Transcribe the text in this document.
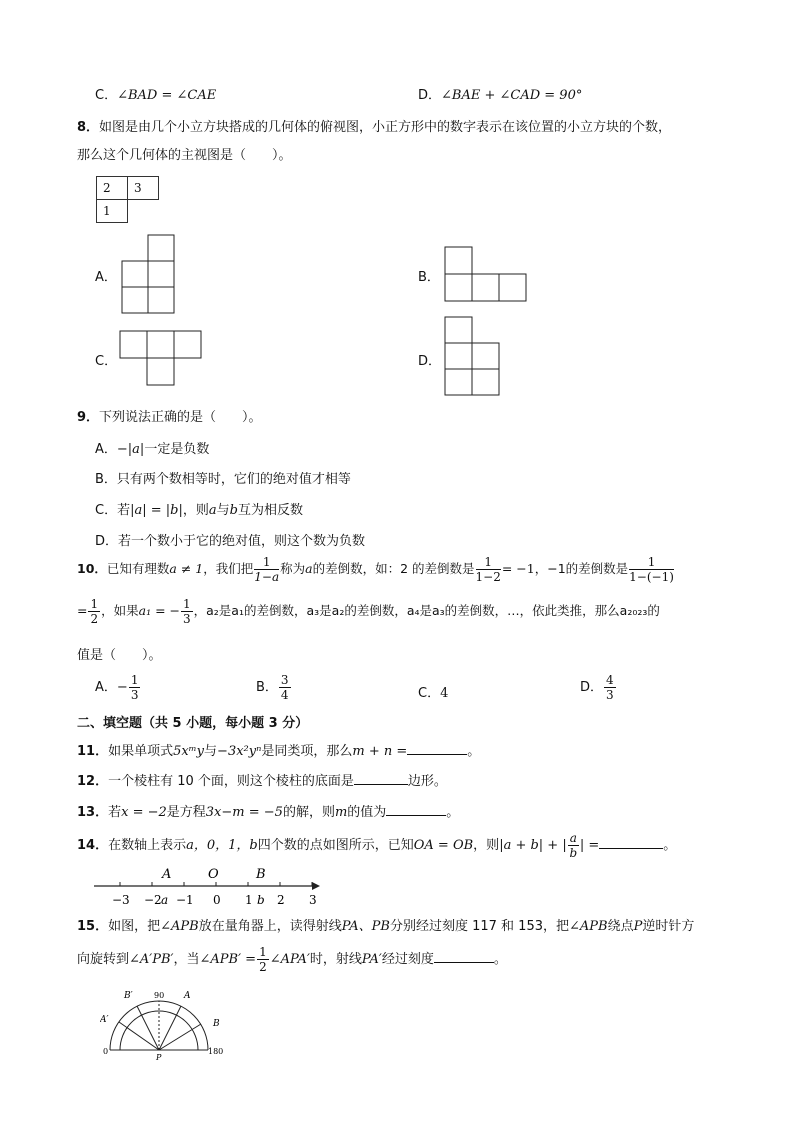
C．∠BAD = ∠CAE	D．∠BAE + ∠CAD = 90°
8．如图是由几个小立方块搭成的几何体的俯视图，小正方形中的数字表示在该位置的小立方块的个数，
那么这个几何体的主视图是（　　）。
2	3
1	
A．	B．
C．	D．
9．下列说法正确的是（　　）。
A．−|a|一定是负数
B．只有两个数相等时，它们的绝对值才相等
C．若|a| = |b|，则a与b互为相反数
D．若一个数小于它的绝对值，则这个数为负数
10．已知有理数a ≠ 1，我们把 $\frac{1}{1-a}$ 称为a的差倒数，如：2 的差倒数是 $\frac{1}{1-2} = -1$，−1的差倒数是 $\frac{1}{1-(-1)}$
= $\frac{1}{2}$ ，如果a₁ = − $\frac{1}{3}$ ，a₂是a₁的差倒数，a₃是a₂的差倒数，a₄是a₃的差倒数，…，依此类推，那么a₂₀₂₃的
值是（　　）。
A．− $\frac{1}{3}$	B． $\frac{3}{4}$	C．4	D． $\frac{4}{3}$
二、填空题（共 5 小题，每小题 3 分）
11．如果单项式5xᵐy与−3x²yⁿ是同类项，那么m + n =	。
12．一个棱柱有 10 个面，则这个棱柱的底面是	边形。
13．若x = −2是方程3x−m = −5的解，则m的值为	。
14．在数轴上表示a，0，1，b四个数的点如图所示，已知OA = OB，则|a + b| + | $\frac{a}{b}$ | =	。
−3 −2 −1 0 1 2 3
A	O	B
a	b
15．如图，把∠APB放在量角器上，读得射线PA、PB分别经过刻度 117 和 153，把∠APB绕点P逆时针方
向旋转到∠A′PB′，当∠APB′ = $\frac{1}{2}$ ∠APA′时，射线PA′经过刻度	。
B′	90 A
A′	B
0
P
180
